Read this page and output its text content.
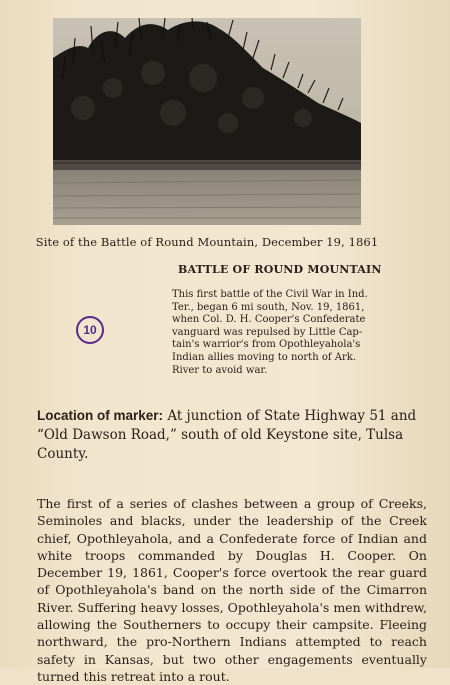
Site of the Battle of Round Mountain, December 19, 1861
BATTLE OF ROUND MOUNTAIN
10
This first battle of the Civil War in Ind.
Ter., began 6 mi south, Nov. 19, 1861,
when Col. D. H. Cooper's Confederate
vanguard was repulsed by Little Cap-
tain's warrior's from Opothleyahola's
Indian allies moving to north of Ark.
River to avoid war.
Location of marker: At junction of State Highway 51 and “Old Dawson Road,” south of old Keystone site, Tulsa County.
The first of a series of clashes between a group of Creeks, Seminoles and blacks, under the leadership of the Creek chief, Opothleyahola, and a Confederate force of Indian and white troops commanded by Douglas H. Cooper. On December 19, 1861, Cooper's force overtook the rear guard of Opothleyahola's band on the north side of the Cimarron River. Suffering heavy losses, Opothleyahola's men withdrew, allowing the Southerners to occupy their campsite. Fleeing northward, the pro-Northern Indians attempted to reach safety in Kansas, but two other engagements eventually turned this retreat into a rout.
